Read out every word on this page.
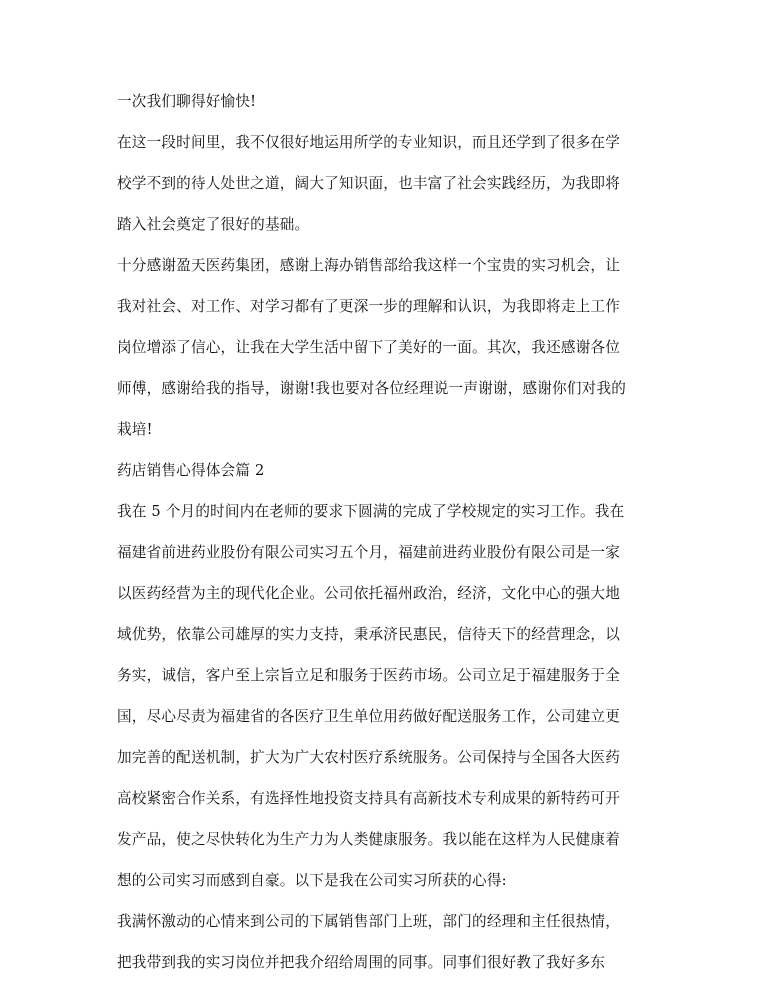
一次我们聊得好愉快!
在这一段时间里，我不仅很好地运用所学的专业知识，而且还学到了很多在学
校学不到的待人处世之道，阔大了知识面，也丰富了社会实践经历，为我即将
踏入社会奠定了很好的基础。
十分感谢盈天医药集团，感谢上海办销售部给我这样一个宝贵的实习机会，让
我对社会、对工作、对学习都有了更深一步的理解和认识，为我即将走上工作
岗位增添了信心，让我在大学生活中留下了美好的一面。其次，我还感谢各位
师傅，感谢给我的指导，谢谢!我也要对各位经理说一声谢谢，感谢你们对我的
栽培!
药店销售心得体会篇 2
我在 5 个月的时间内在老师的要求下圆满的完成了学校规定的实习工作。我在
福建省前进药业股份有限公司实习五个月，福建前进药业股份有限公司是一家
以医药经营为主的现代化企业。公司依托福州政治，经济，文化中心的强大地
域优势，依靠公司雄厚的实力支持，秉承济民惠民，信待天下的经营理念，以
务实，诚信，客户至上宗旨立足和服务于医药市场。公司立足于福建服务于全
国，尽心尽责为福建省的各医疗卫生单位用药做好配送服务工作，公司建立更
加完善的配送机制，扩大为广大农村医疗系统服务。公司保持与全国各大医药
高校紧密合作关系，有选择性地投资支持具有高新技术专利成果的新特药可开
发产品，使之尽快转化为生产力为人类健康服务。我以能在这样为人民健康着
想的公司实习而感到自豪。以下是我在公司实习所获的心得:
我满怀激动的心情来到公司的下属销售部门上班，部门的经理和主任很热情，
把我带到我的实习岗位并把我介绍给周围的同事。同事们很好教了我好多东
